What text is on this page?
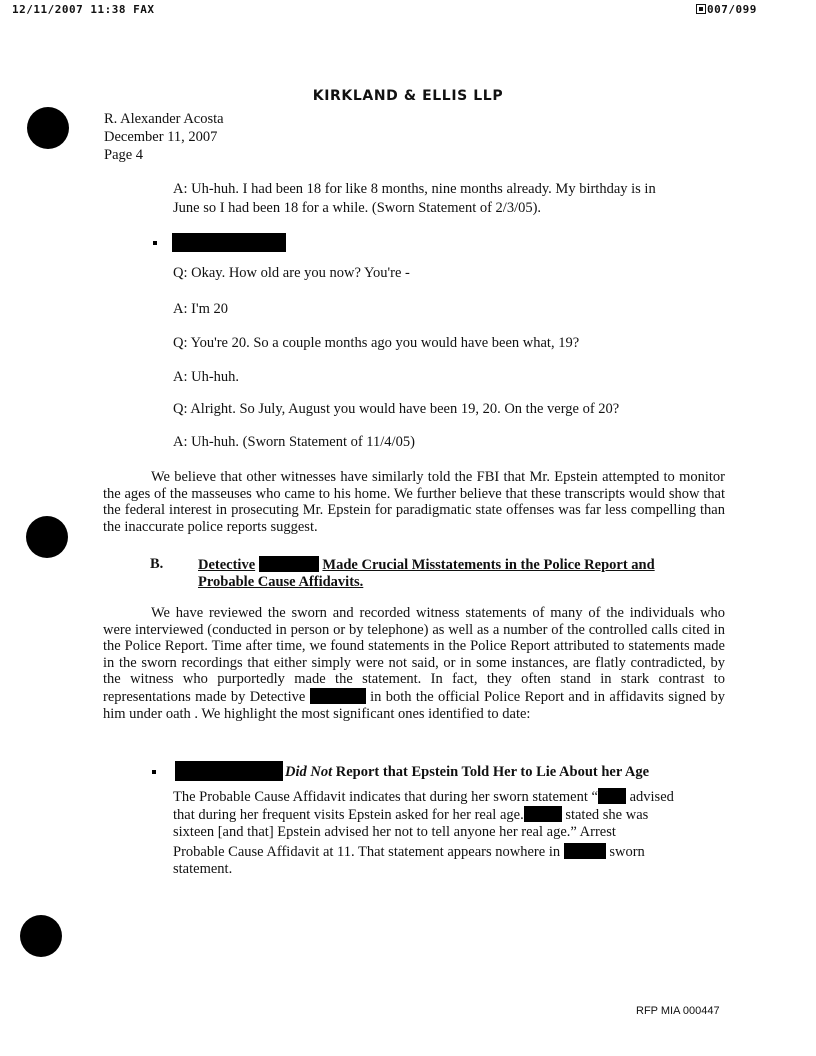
12/11/2007 11:38 FAX	007/099
KIRKLAND & ELLIS LLP
R. Alexander Acosta
December 11, 2007
Page 4
A: Uh-huh. I had been 18 for like 8 months, nine months already. My birthday is in
June so I had been 18 for a while. (Sworn Statement of 2/3/05).
Q: Okay. How old are you now? You're -
A: I'm 20
Q: You're 20. So a couple months ago you would have been what, 19?
A: Uh-huh.
Q: Alright. So July, August you would have been 19, 20. On the verge of 20?
A: Uh-huh. (Sworn Statement of 11/4/05)
We believe that other witnesses have similarly told the FBI that Mr. Epstein attempted to monitor the ages of the masseuses who came to his home. We further believe that these transcripts would show that the federal interest in prosecuting Mr. Epstein for paradigmatic state offenses was far less compelling than the inaccurate police reports suggest.
B. Detective	Made Crucial Misstatements in the Police Report and
Probable Cause Affidavits.
We have reviewed the sworn and recorded witness statements of many of the individuals who were interviewed (conducted in person or by telephone) as well as a number of the controlled calls cited in the Police Report. Time after time, we found statements in the Police Report attributed to statements made in the sworn recordings that either simply were not said, or in some instances, are flatly contradicted, by the witness who purportedly made the statement. In fact, they often stand in stark contrast to representations made by Detective	in both the official Police Report and in affidavits signed by him under oath . We highlight the most significant ones identified to date:
Did Not Report that Epstein Told Her to Lie About her Age
The Probable Cause Affidavit indicates that during her sworn statement “ advised
that during her frequent visits Epstein asked for her real age.	stated she was
sixteen [and that] Epstein advised her not to tell anyone her real age.” Arrest
Probable Cause Affidavit at 11. That statement appears nowhere in	sworn
statement.
RFP MIA 000447
